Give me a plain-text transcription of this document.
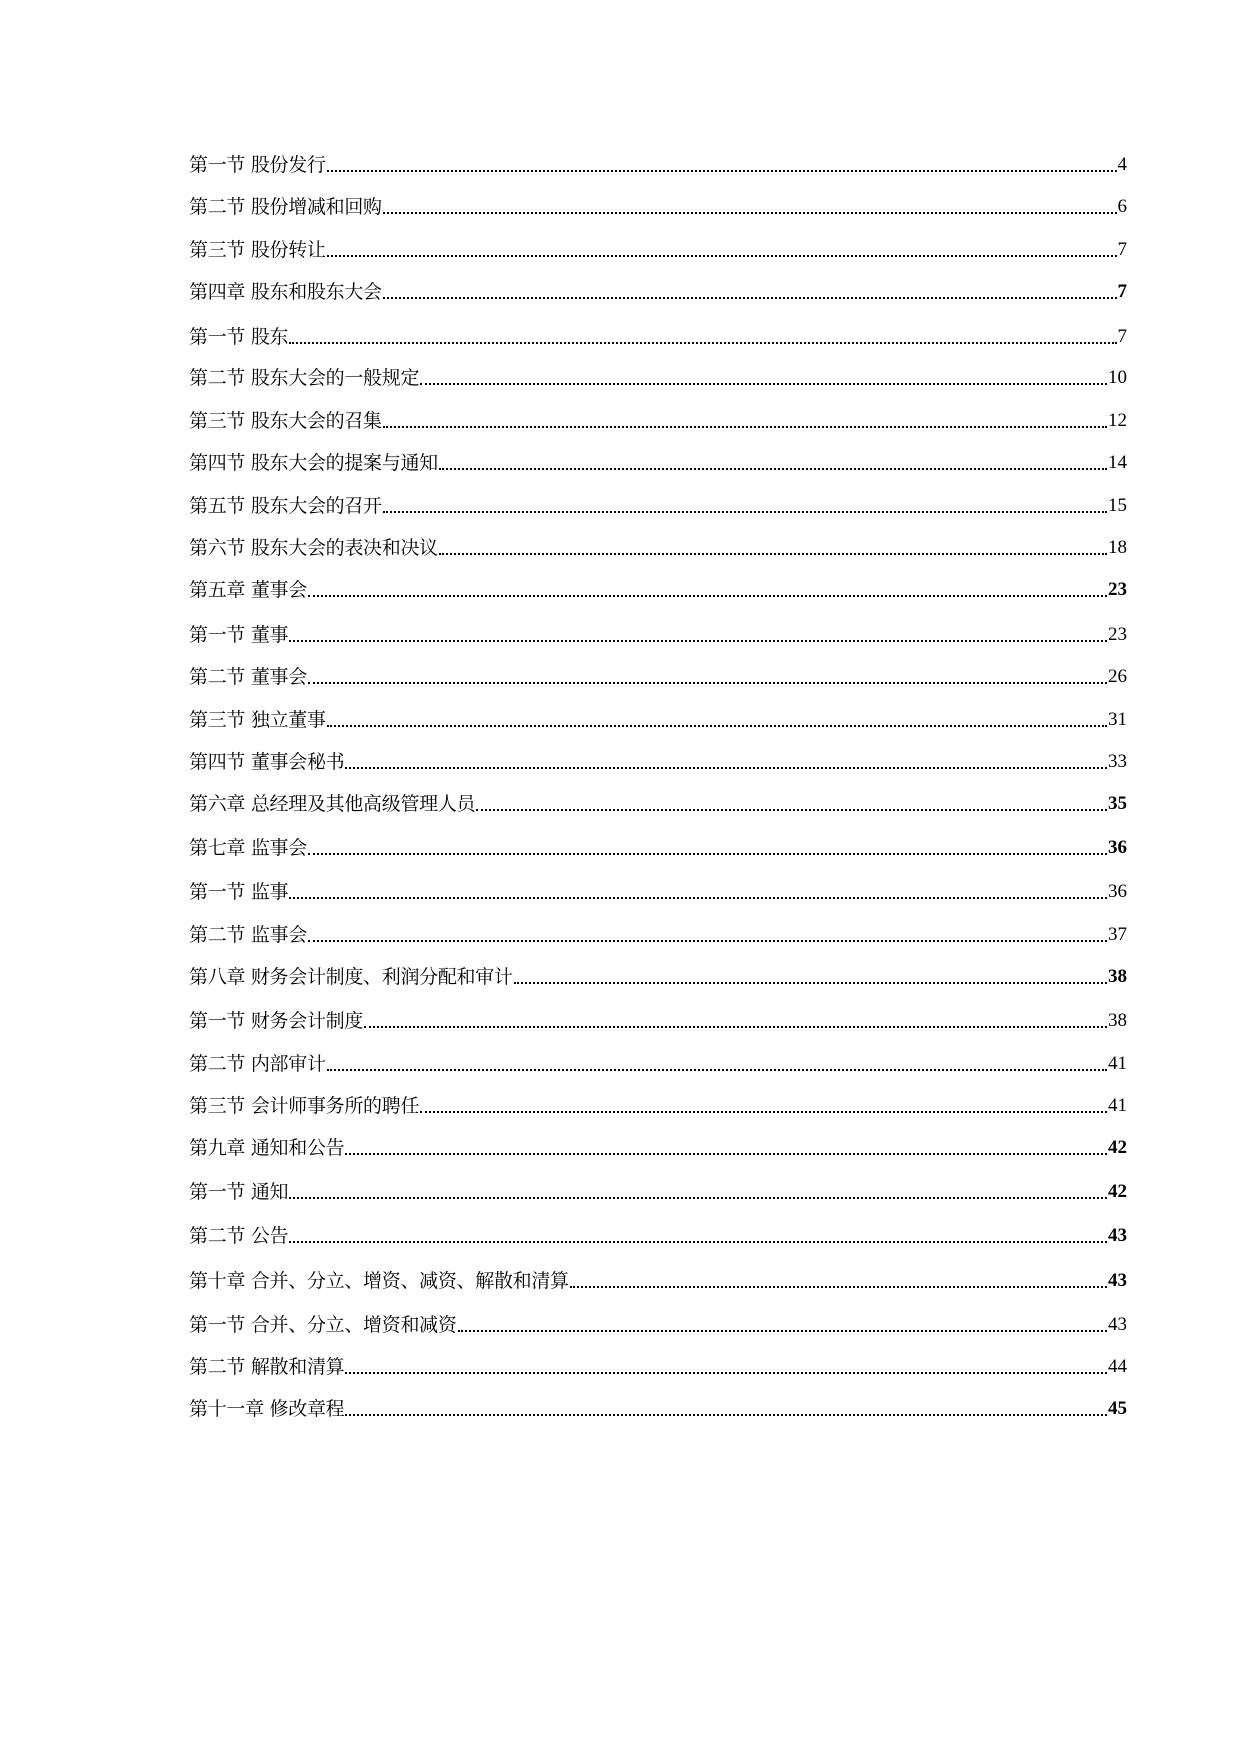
第一节 股份发行	4
第二节 股份增减和回购	6
第三节 股份转让	7
第四章 股东和股东大会	7
第一节 股东	7
第二节 股东大会的一般规定	10
第三节 股东大会的召集	12
第四节 股东大会的提案与通知	14
第五节 股东大会的召开	15
第六节 股东大会的表决和决议	18
第五章 董事会	23
第一节 董事	23
第二节 董事会	26
第三节 独立董事	31
第四节 董事会秘书	33
第六章 总经理及其他高级管理人员	35
第七章 监事会	36
第一节 监事	36
第二节 监事会	37
第八章 财务会计制度、利润分配和审计	38
第一节 财务会计制度	38
第二节 内部审计	41
第三节 会计师事务所的聘任	41
第九章 通知和公告	42
第一节 通知	42
第二节 公告	43
第十章 合并、分立、增资、减资、解散和清算	43
第一节 合并、分立、增资和减资	43
第二节 解散和清算	44
第十一章 修改章程	45
